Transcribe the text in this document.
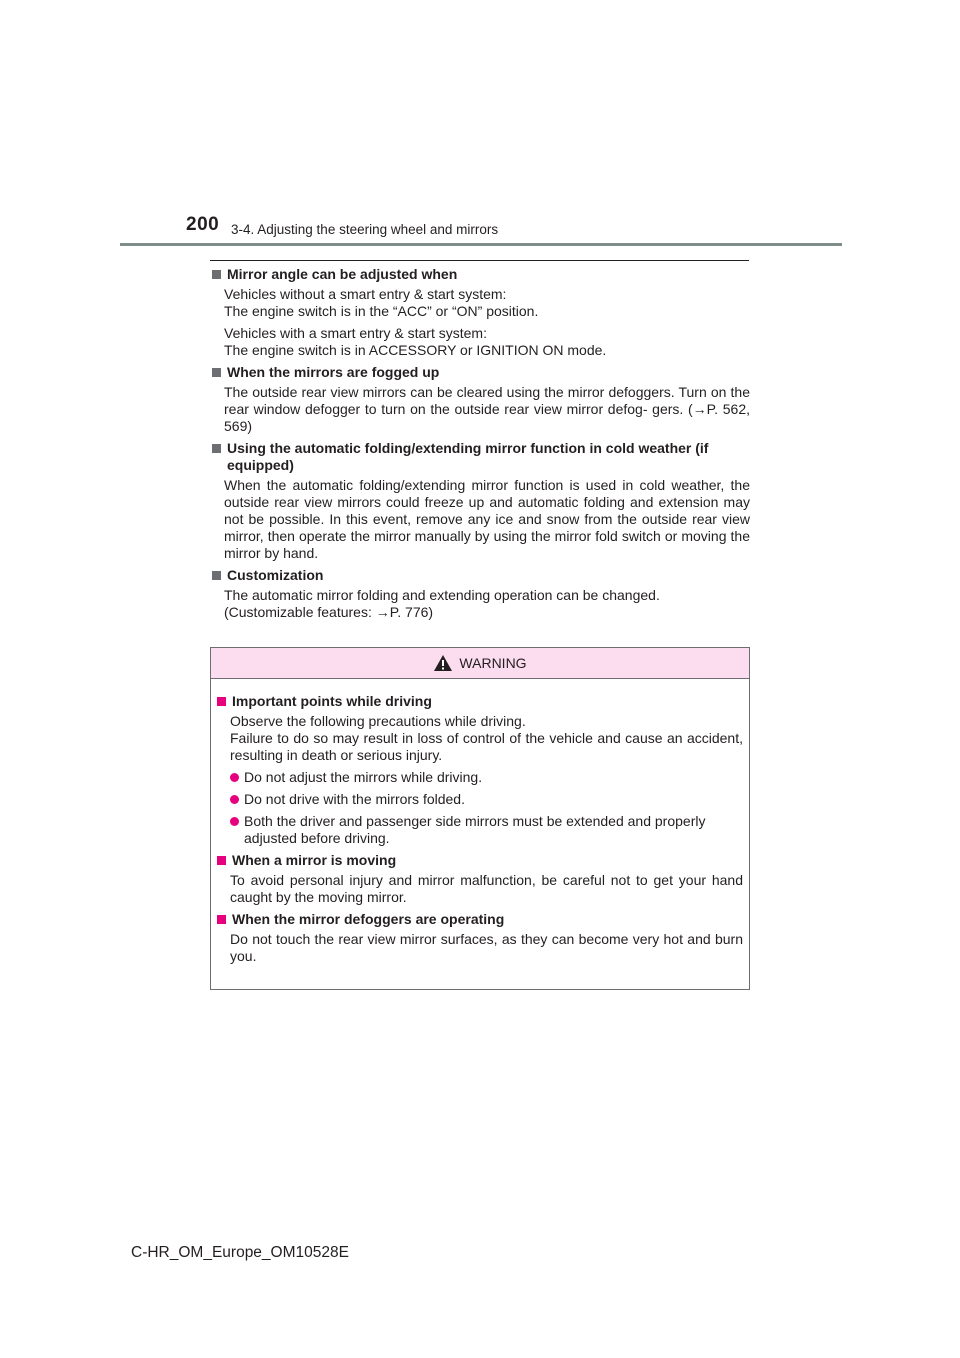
200 3-4. Adjusting the steering wheel and mirrors
Mirror angle can be adjusted when
Vehicles without a smart entry & start system:
The engine switch is in the “ACC” or “ON” position.
Vehicles with a smart entry & start system:
The engine switch is in ACCESSORY or IGNITION ON mode.
When the mirrors are fogged up
The outside rear view mirrors can be cleared using the mirror defoggers. Turn on the rear window defogger to turn on the outside rear view mirror defog- gers. (→P. 562, 569)
Using the automatic folding/extending mirror function in cold weather (if equipped)
When the automatic folding/extending mirror function is used in cold weather, the outside rear view mirrors could freeze up and automatic folding and extension may not be possible. In this event, remove any ice and snow from the outside rear view mirror, then operate the mirror manually by using the mirror fold switch or moving the mirror by hand.
Customization
The automatic mirror folding and extending operation can be changed.
(Customizable features: →P. 776)
WARNING
Important points while driving
Observe the following precautions while driving.
Failure to do so may result in loss of control of the vehicle and cause an accident, resulting in death or serious injury.
Do not adjust the mirrors while driving.
Do not drive with the mirrors folded.
Both the driver and passenger side mirrors must be extended and properly adjusted before driving.
When a mirror is moving
To avoid personal injury and mirror malfunction, be careful not to get your hand caught by the moving mirror.
When the mirror defoggers are operating
Do not touch the rear view mirror surfaces, as they can become very hot and burn you.
C-HR_OM_Europe_OM10528E
